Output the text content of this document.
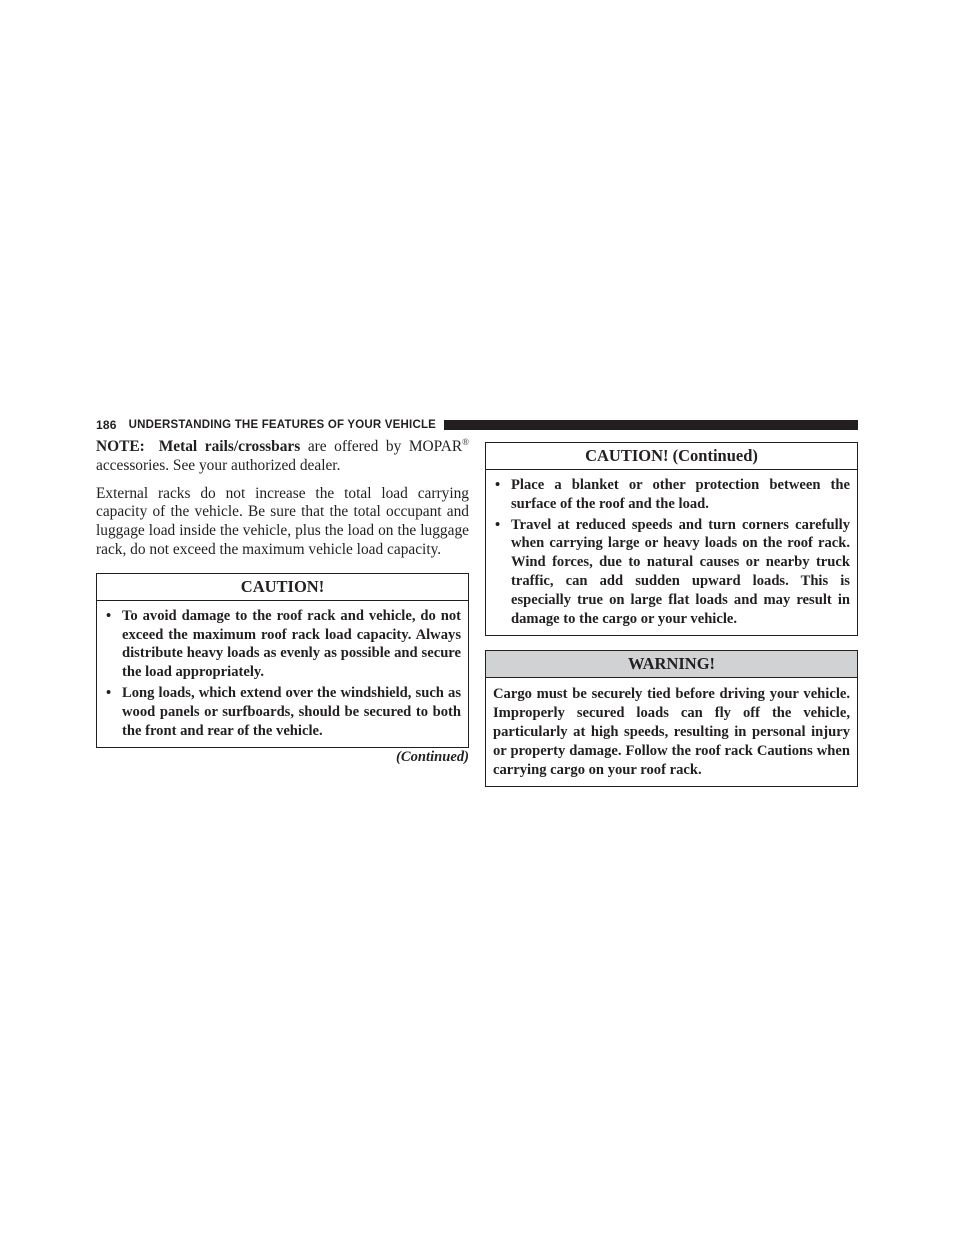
186 UNDERSTANDING THE FEATURES OF YOUR VEHICLE

NOTE: Metal rails/crossbars are offered by MOPAR® accessories. See your authorized dealer.

External racks do not increase the total load carrying capacity of the vehicle. Be sure that the total occupant and luggage load inside the vehicle, plus the load on the luggage rack, do not exceed the maximum vehicle load capacity.

CAUTION!
• To avoid damage to the roof rack and vehicle, do not exceed the maximum roof rack load capacity. Always distribute heavy loads as evenly as possible and secure the load appropriately.
• Long loads, which extend over the windshield, such as wood panels or surfboards, should be secured to both the front and rear of the vehicle.
(Continued)
CAUTION! (Continued)
• Place a blanket or other protection between the surface of the roof and the load.
• Travel at reduced speeds and turn corners carefully when carrying large or heavy loads on the roof rack. Wind forces, due to natural causes or nearby truck traffic, can add sudden upward loads. This is especially true on large flat loads and may result in damage to the cargo or your vehicle.
WARNING!
Cargo must be securely tied before driving your vehicle. Improperly secured loads can fly off the vehicle, particularly at high speeds, resulting in personal injury or property damage. Follow the roof rack Cautions when carrying cargo on your roof rack.
